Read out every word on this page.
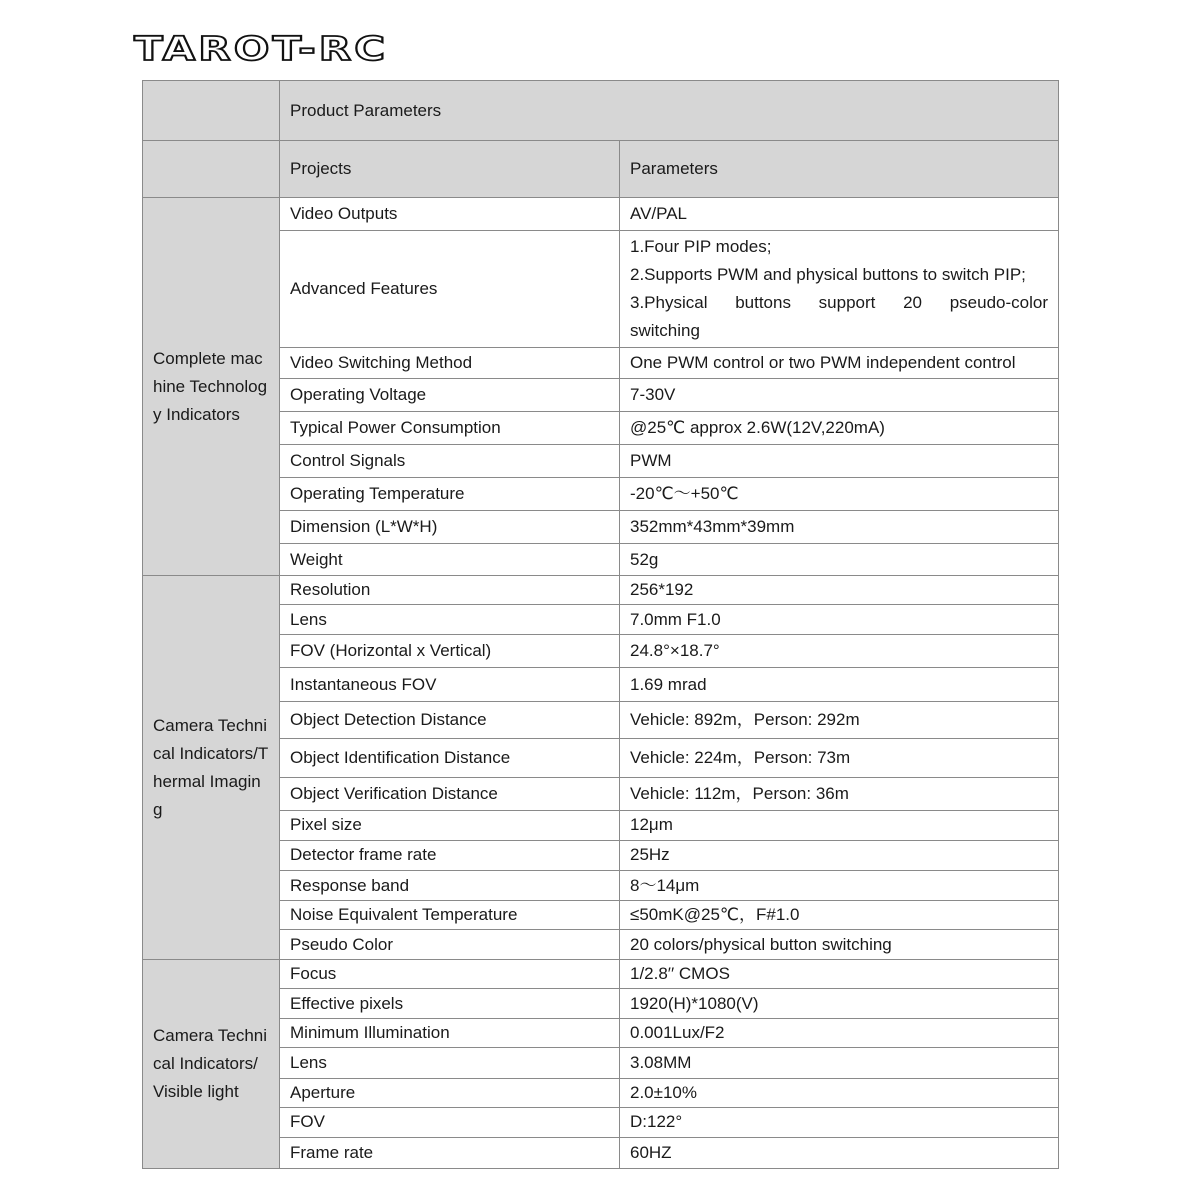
TAROT-RC
	Product Parameters	
	Projects	Parameters
Complete machine Technology Indicators	Video Outputs	AV/PAL
	Advanced Features	1.Four PIP modes;
2.Supports PWM and physical buttons to switch PIP;
3.Physical buttons support 20 pseudo-color
switching

	Video Switching Method	One PWM control or two PWM independent control
	Operating Voltage	7-30V
	Typical Power Consumption	@25℃ approx 2.6W(12V,220mA)
	Control Signals	PWM
	Operating Temperature	-20℃～+50℃
	Dimension (L*W*H)	352mm*43mm*39mm
	Weight	52g
Camera Technical Indicators/Thermal Imaging	Resolution	256*192
	Lens	7.0mm F1.0
	FOV (Horizontal x Vertical)	24.8°×18.7°
	Instantaneous FOV	1.69 mrad
	Object Detection Distance	Vehicle: 892m，Person: 292m
	Object Identification Distance	Vehicle: 224m，Person: 73m
	Object Verification Distance	Vehicle: 112m，Person: 36m
	Pixel size	12μm
	Detector frame rate	25Hz
	Response band	8～14μm
	Noise Equivalent Temperature	≤50mK@25℃，F#1.0
	Pseudo Color	20 colors/physical button switching
Camera Technical Indicators/Visible light	Focus	1/2.8′′ CMOS
	Effective pixels	1920(H)*1080(V)
	Minimum Illumination	0.001Lux/F2
	Lens	3.08MM
	Aperture	2.0±10%
	FOV	D:122°
	Frame rate	60HZ
